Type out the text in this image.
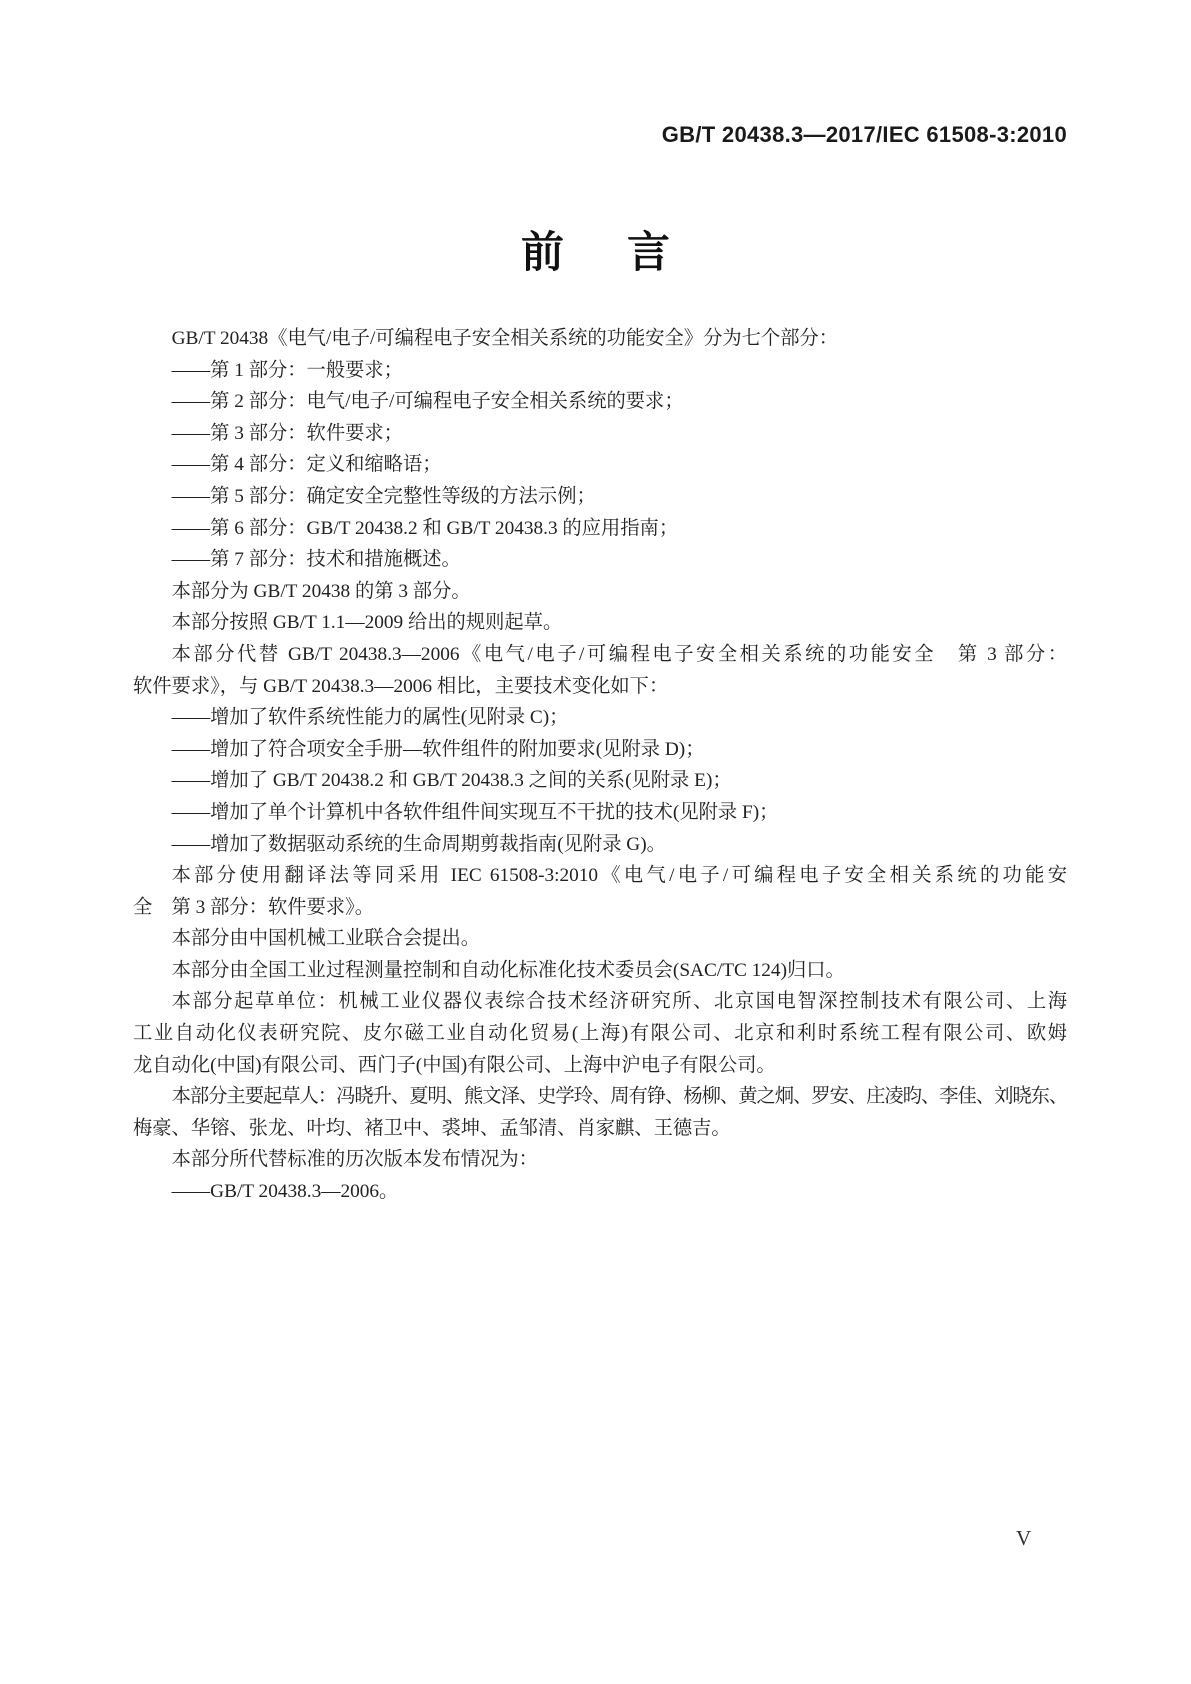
GB/T 20438.3—2017/IEC 61508-3:2010
前　言
GB/T 20438《电气/电子/可编程电子安全相关系统的功能安全》分为七个部分：
——第 1 部分：一般要求；
——第 2 部分：电气/电子/可编程电子安全相关系统的要求；
——第 3 部分：软件要求；
——第 4 部分：定义和缩略语；
——第 5 部分：确定安全完整性等级的方法示例；
——第 6 部分：GB/T 20438.2 和 GB/T 20438.3 的应用指南；
——第 7 部分：技术和措施概述。
本部分为 GB/T 20438 的第 3 部分。
本部分按照 GB/T 1.1—2009 给出的规则起草。
本部分代替 GB/T 20438.3—2006《电气/电子/可编程电子安全相关系统的功能安全　第 3 部分：
软件要求》，与 GB/T 20438.3—2006 相比，主要技术变化如下：
——增加了软件系统性能力的属性(见附录 C)；
——增加了符合项安全手册—软件组件的附加要求(见附录 D)；
——增加了 GB/T 20438.2 和 GB/T 20438.3 之间的关系(见附录 E)；
——增加了单个计算机中各软件组件间实现互不干扰的技术(见附录 F)；
——增加了数据驱动系统的生命周期剪裁指南(见附录 G)。
本部分使用翻译法等同采用 IEC 61508-3:2010《电气/电子/可编程电子安全相关系统的功能安
全　第 3 部分：软件要求》。
本部分由中国机械工业联合会提出。
本部分由全国工业过程测量控制和自动化标准化技术委员会(SAC/TC 124)归口。
本部分起草单位：机械工业仪器仪表综合技术经济研究所、北京国电智深控制技术有限公司、上海
工业自动化仪表研究院、皮尔磁工业自动化贸易(上海)有限公司、北京和利时系统工程有限公司、欧姆
龙自动化(中国)有限公司、西门子(中国)有限公司、上海中沪电子有限公司。
本部分主要起草人：冯晓升、夏明、熊文泽、史学玲、周有铮、杨柳、黄之炯、罗安、庄凌昀、李佳、刘晓东、
梅豪、华镕、张龙、叶均、褚卫中、裘坤、孟邹清、肖家麒、王德吉。
本部分所代替标准的历次版本发布情况为：
——GB/T 20438.3—2006。
V
